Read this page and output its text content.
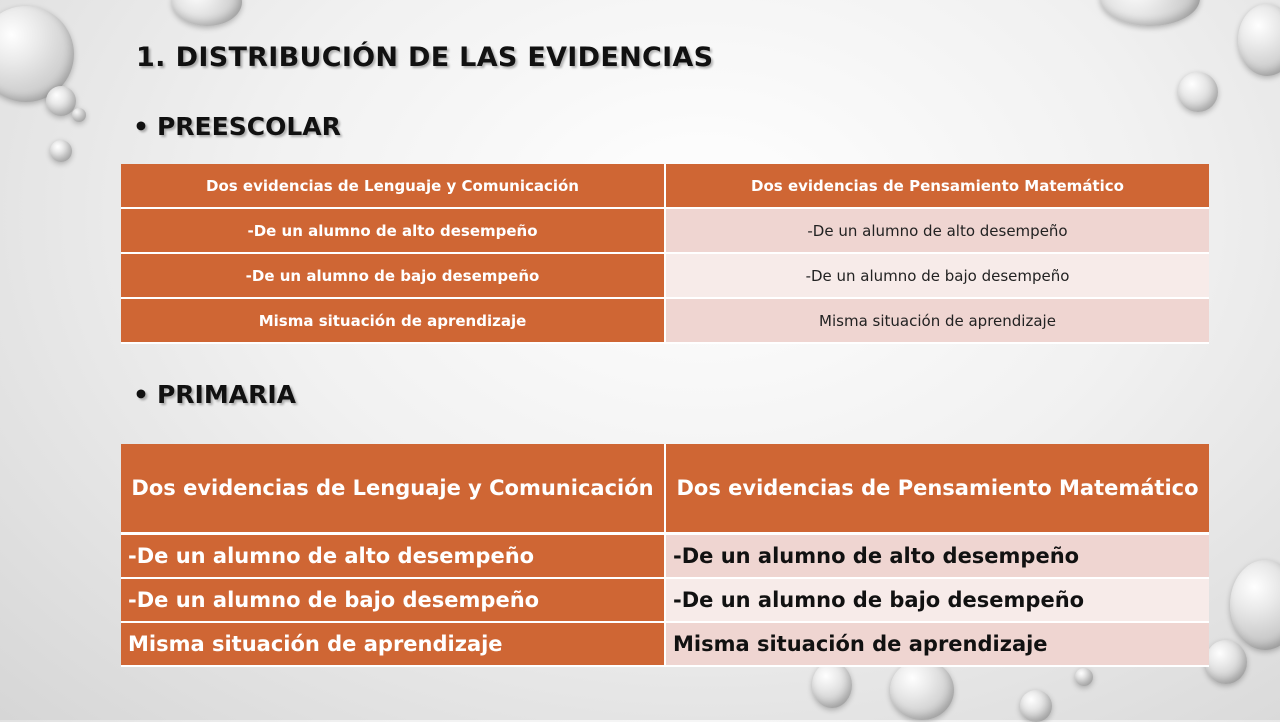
1. DISTRIBUCIÓN DE LAS EVIDENCIAS
• PREESCOLAR
Dos evidencias de Lenguaje y Comunicación	Dos evidencias de Pensamiento Matemático
-De un alumno de alto desempeño	-De un alumno de alto desempeño
-De un alumno de bajo desempeño	-De un alumno de bajo desempeño
Misma situación de aprendizaje	Misma situación de aprendizaje
• PRIMARIA
Dos evidencias de Lenguaje y Comunicación	Dos evidencias de Pensamiento Matemático
-De un alumno de alto desempeño	-De un alumno de alto desempeño
-De un alumno de bajo desempeño	-De un alumno de bajo desempeño
Misma situación de aprendizaje	Misma situación de aprendizaje
